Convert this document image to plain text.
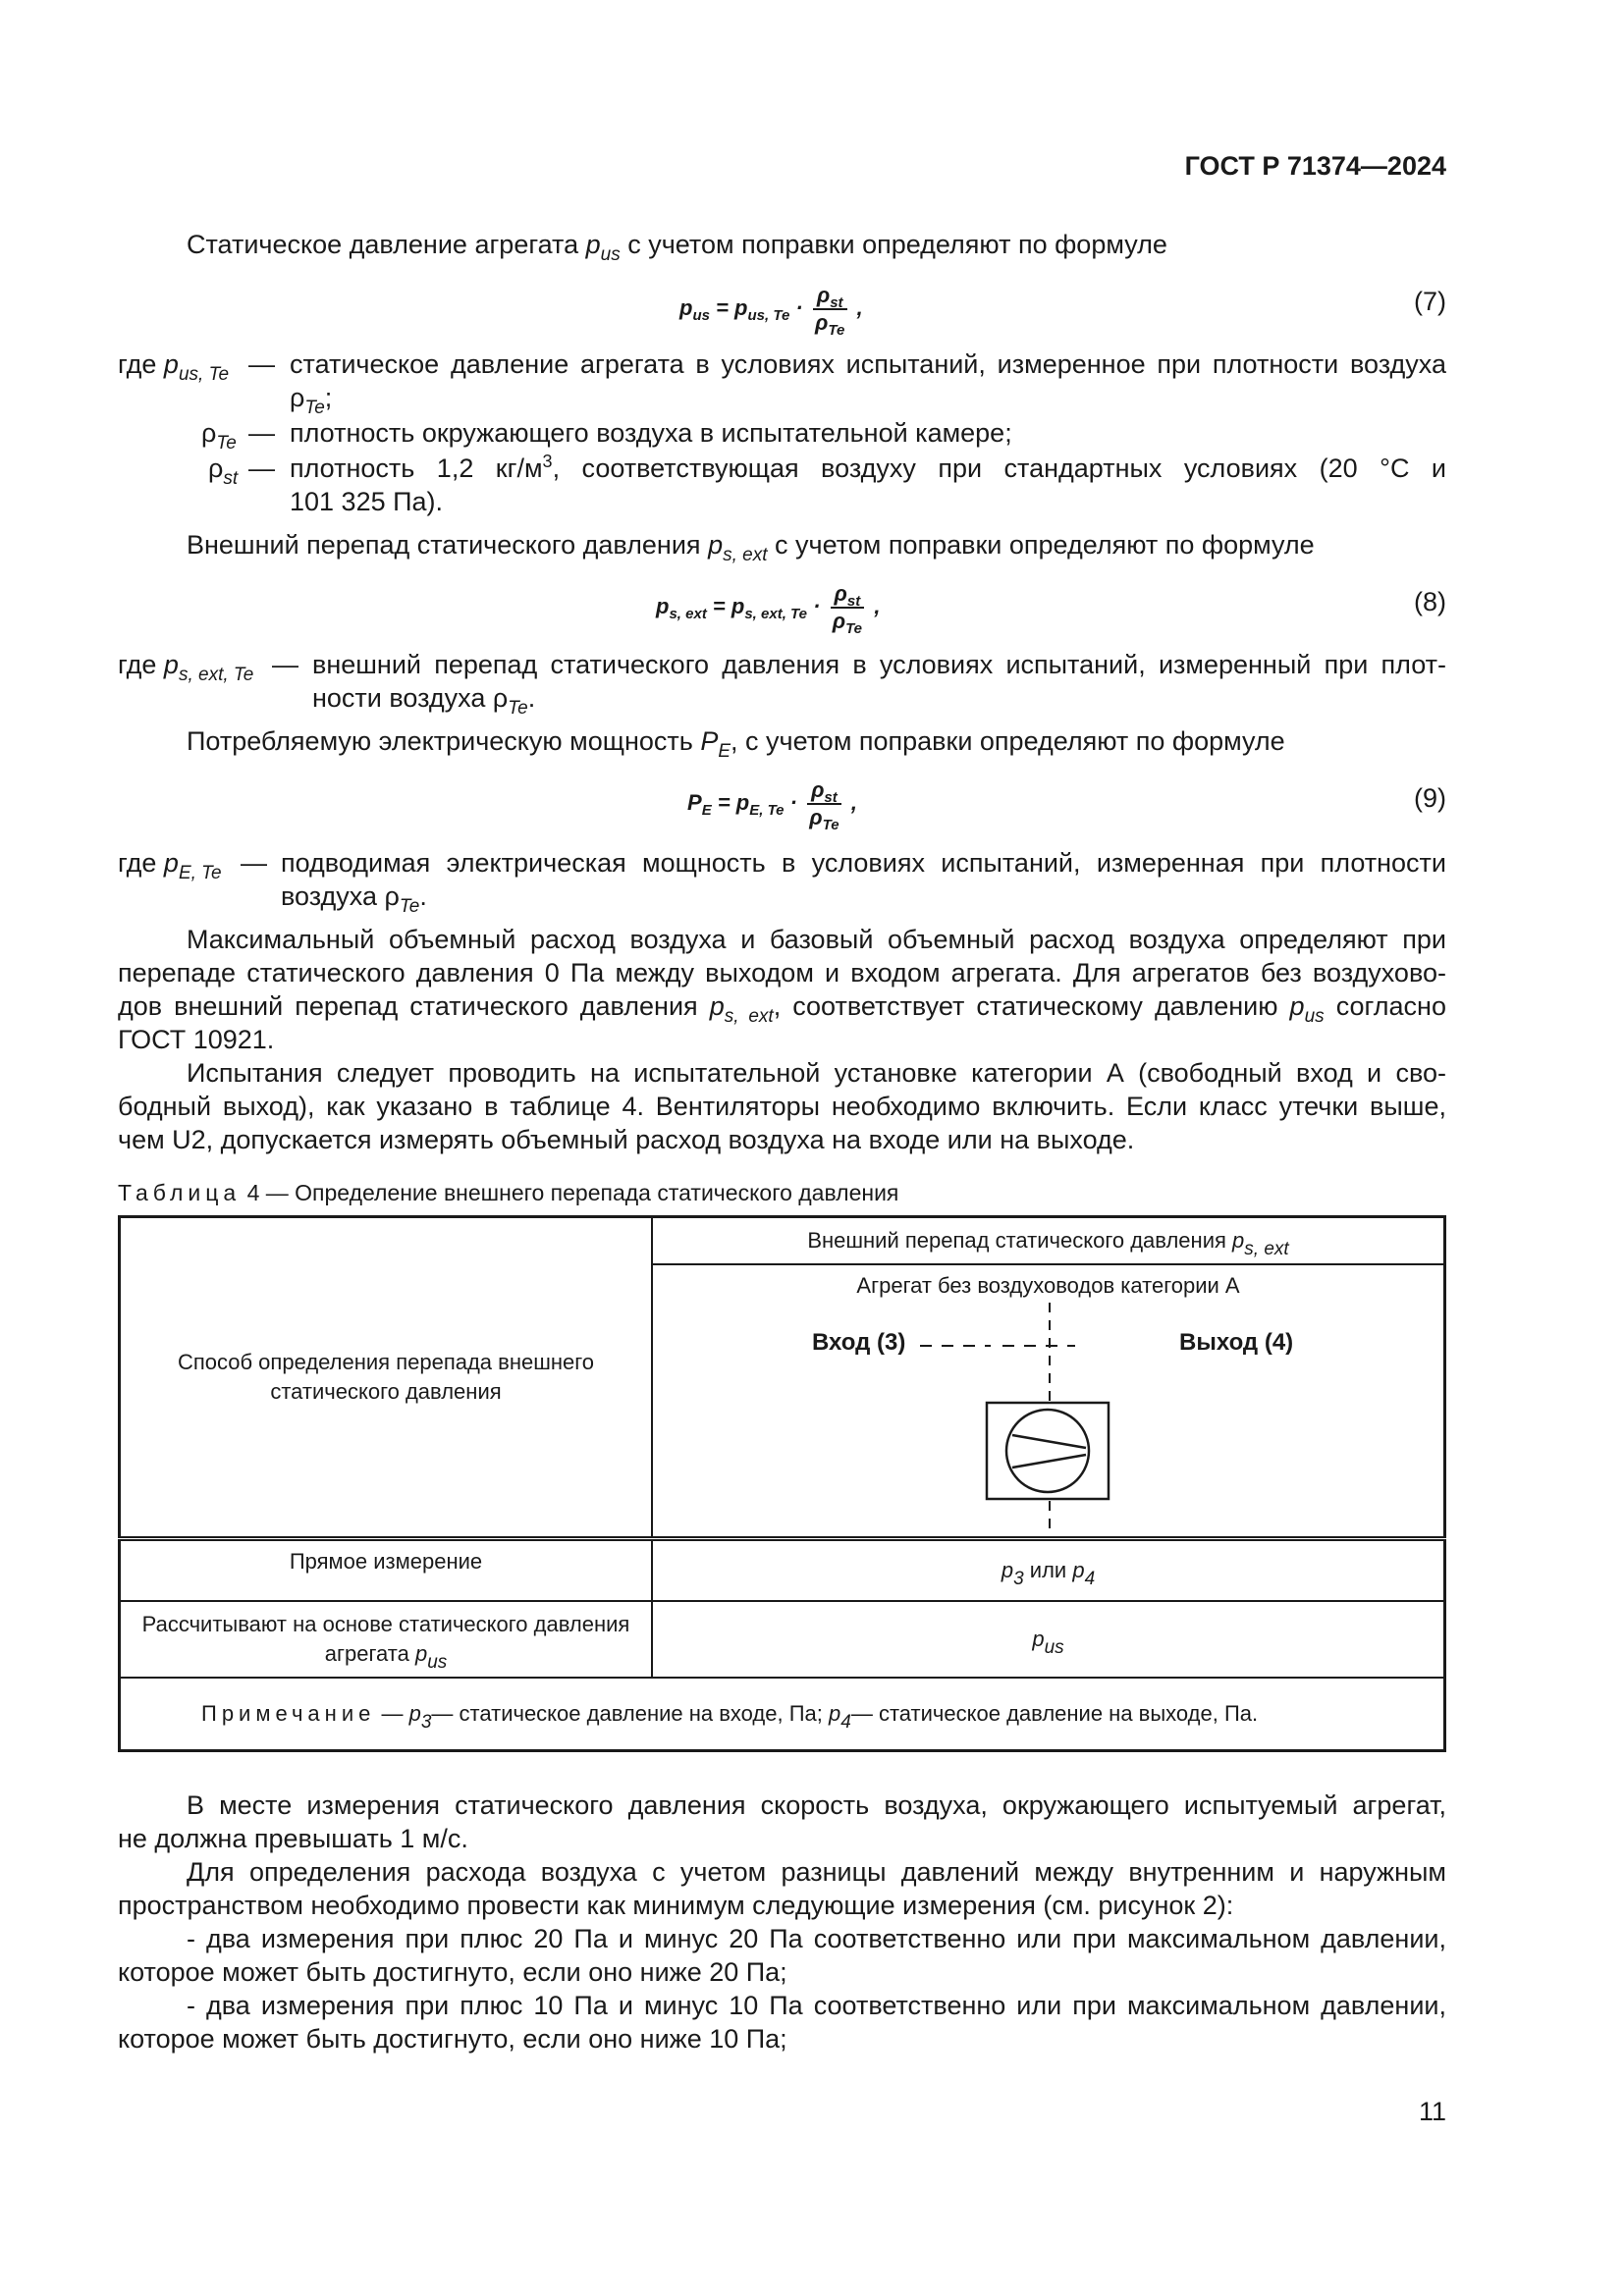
ГОСТ Р 71374—2024
Статическое давление агрегата $p_{us}$ с учетом поправки определяют по формуле
$p_{us} = p_{us, Te} \cdot \frac{\rho_{st}}{\rho_{Te}}$ ,	(7)
где $p_{us, Te}$ — статическое давление агрегата в условиях испытаний, измеренное при плотности воздуха
$\rho_{Te}$;
$\rho_{Te}$ — плотность окружающего воздуха в испытательной камере;
$\rho_{st}$ — плотность 1,2 $кг/м^3$, соответствующая воздуху при стандартных условиях (20 °С и
101 325 Па).
Внешний перепад статического давления $p_{s, ext}$ с учетом поправки определяют по формуле
$p_{s, ext} = p_{s, ext, Te} \cdot \frac{\rho_{st}}{\rho_{Te}}$ ,	(8)
где $p_{s, ext, Te}$ — внешний перепад статического давления в условиях испытаний, измеренный при плот-
ности воздуха $\rho_{Te}$.
Потребляемую электрическую мощность $P_E$, с учетом поправки определяют по формуле
$P_E = p_{E, Te} \cdot \frac{\rho_{st}}{\rho_{Te}}$ ,	(9)
где $p_{E, Te}$ — подводимая электрическая мощность в условиях испытаний, измеренная при плотности
воздуха $\rho_{Te}$.
Максимальный объемный расход воздуха и базовый объемный расход воздуха определяют при
перепаде статического давления 0 Па между выходом и входом агрегата. Для агрегатов без воздухово-
дов внешний перепад статического давления $p_{s, ext}$, соответствует статическому давлению $p_{us}$ согласно
ГОСТ 10921.
Испытания следует проводить на испытательной установке категории А (свободный вход и сво-
бодный выход), как указано в таблице 4. Вентиляторы необходимо включить. Если класс утечки выше,
чем U2, допускается измерять объемный расход воздуха на входе или на выходе.
Таблица 4 — Определение внешнего перепада статического давления
Способ определения перепада внешнего статического давления	Внешний перепад статического давления $p_{s, ext}$

	Агрегат без воздуховодов категории А
Вход (3) Выход (4)

Прямое измерение	$p_3$ или $p_4$
Рассчитывают на основе статического давления агрегата $p_{us}$	$p_{us}$
Примечание — $p_3—$ статическое давление на входе, Па; $p_4—$ статическое давление на выходе, Па.	
В месте измерения статического давления скорость воздуха, окружающего испытуемый агрегат,
не должна превышать 1 м/с.
Для определения расхода воздуха с учетом разницы давлений между внутренним и наружным
пространством необходимо провести как минимум следующие измерения (см. рисунок 2):
- два измерения при плюс 20 Па и минус 20 Па соответственно или при максимальном давлении,
которое может быть достигнуто, если оно ниже 20 Па;
- два измерения при плюс 10 Па и минус 10 Па соответственно или при максимальном давлении,
которое может быть достигнуто, если оно ниже 10 Па;
11
